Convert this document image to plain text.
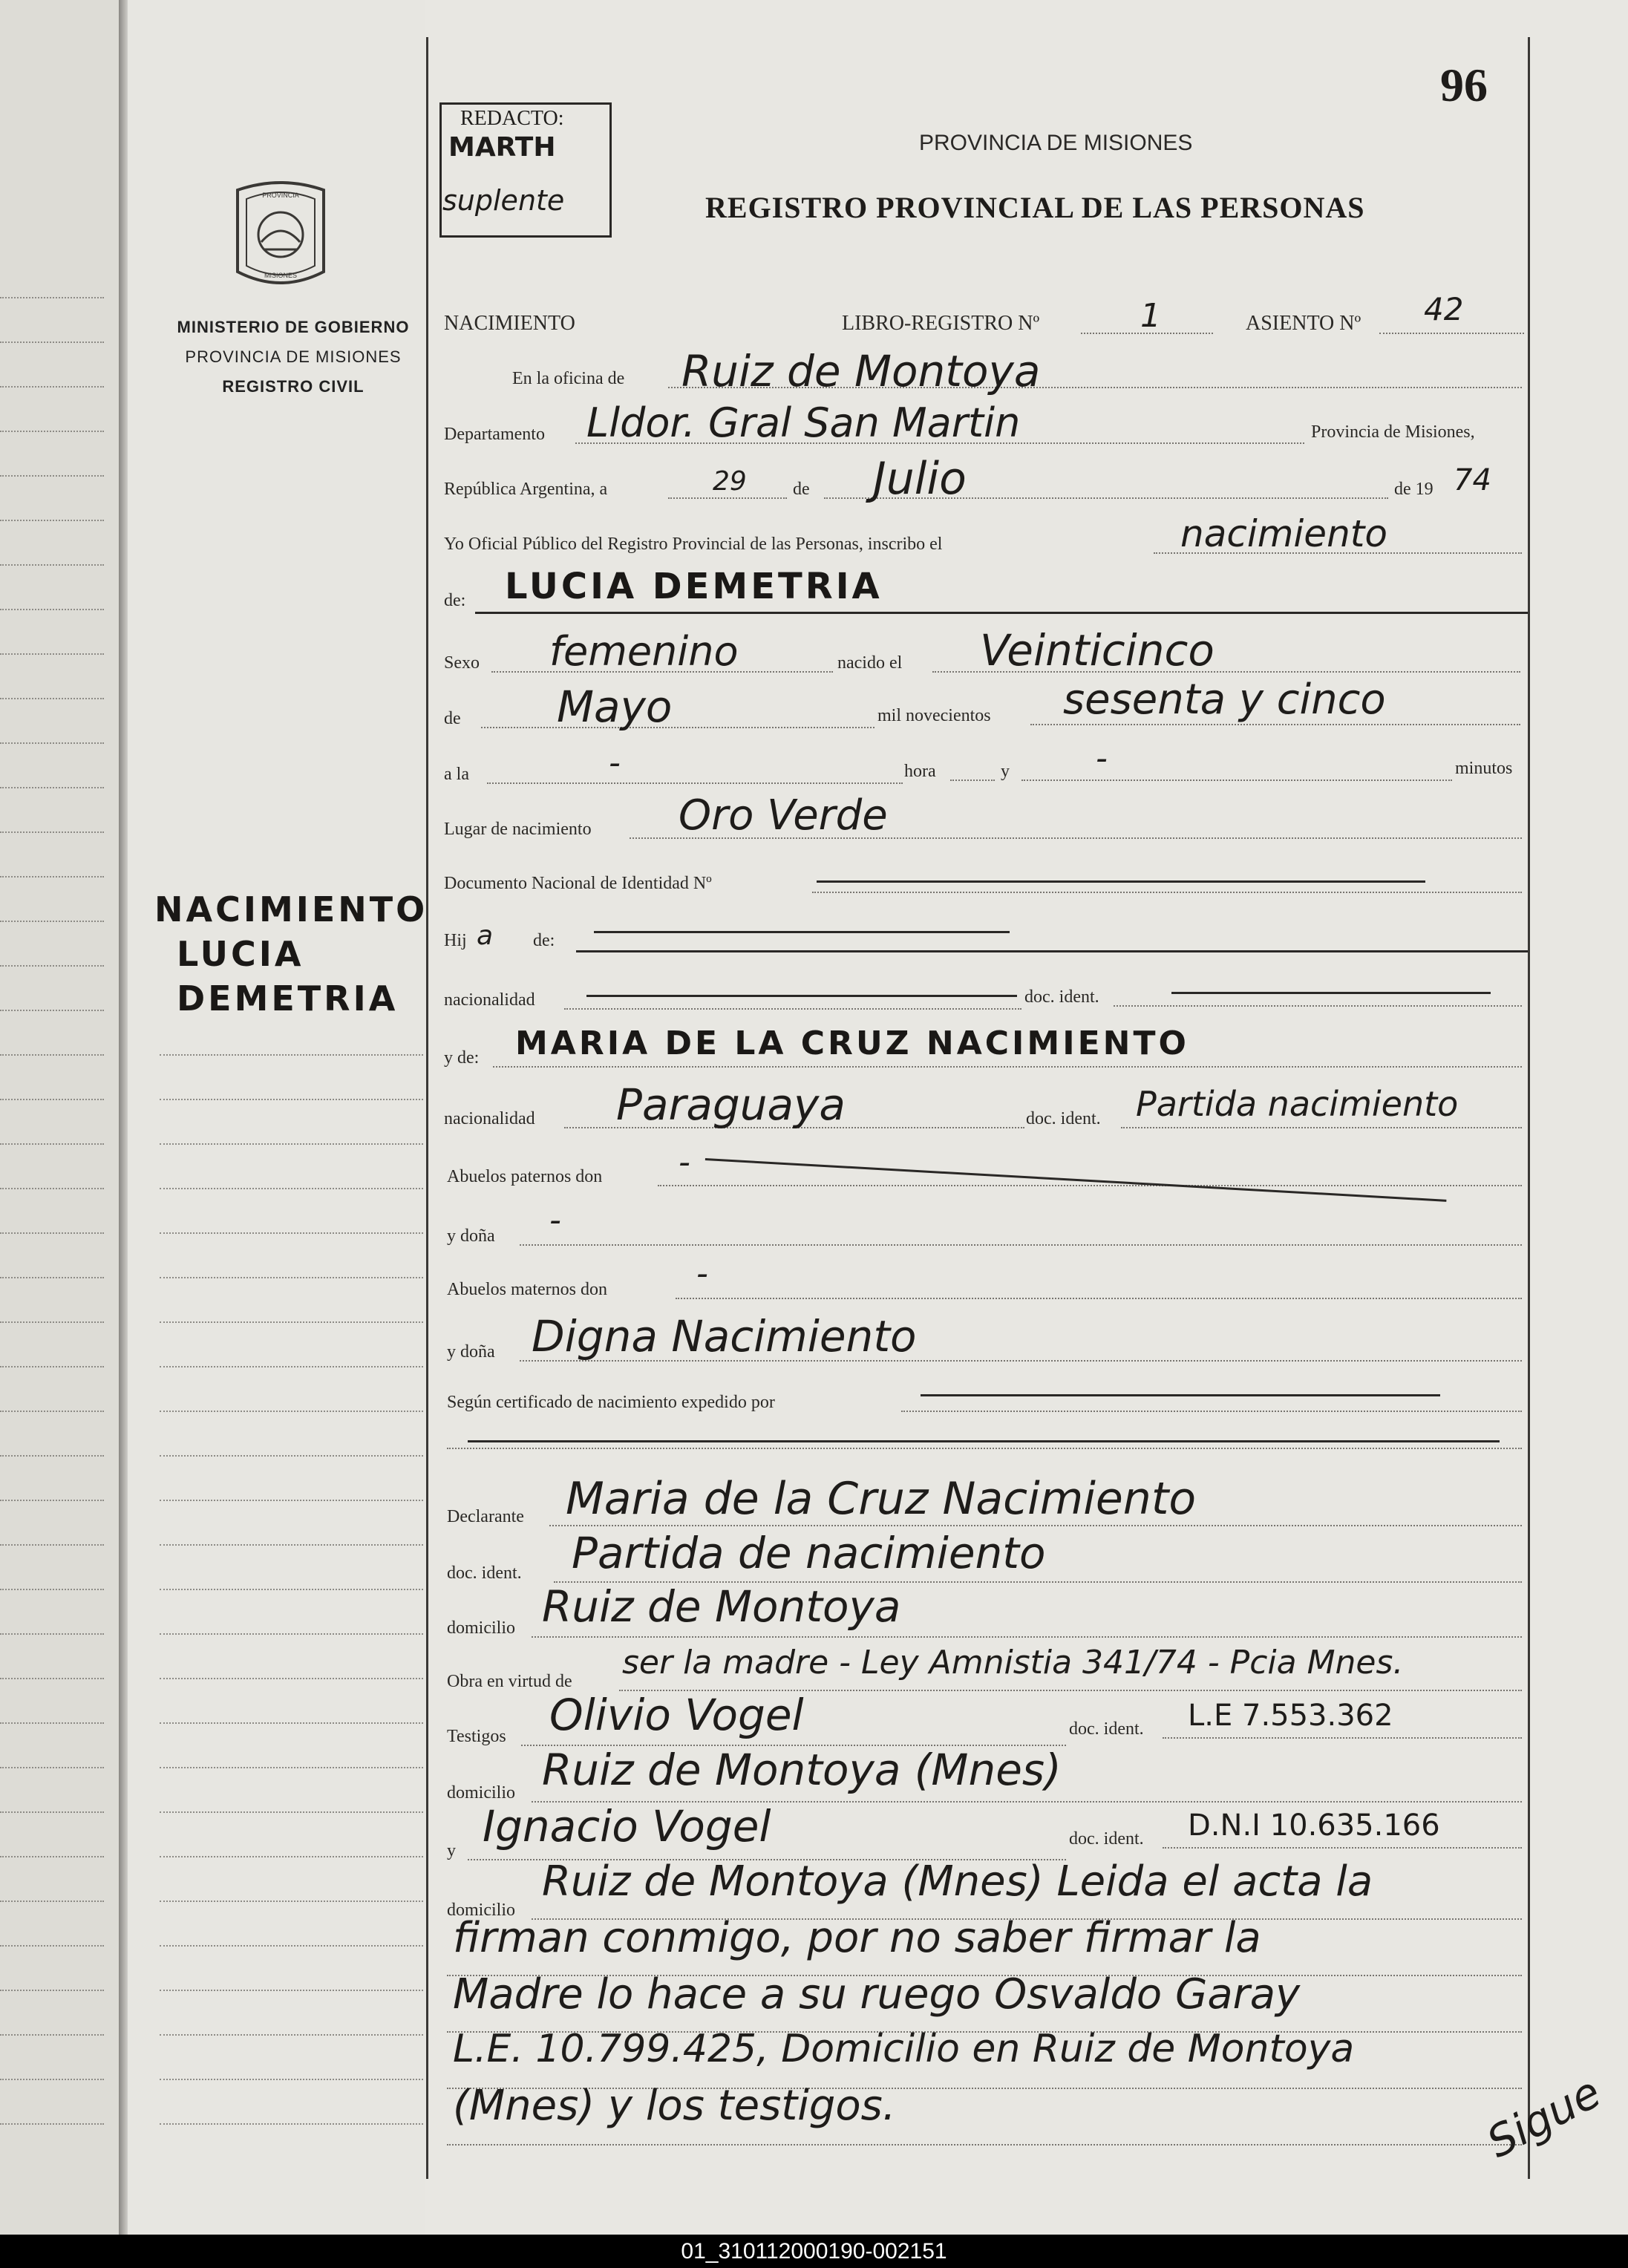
PROVINCIA
MISIONES
MINISTERIO DE GOBIERNO
PROVINCIA DE MISIONES
REGISTRO CIVIL
NACIMIENTO
LUCIA
DEMETRIA
96
REDACTO:
MARTH
suplente
PROVINCIA DE MISIONES
REGISTRO PROVINCIAL DE LAS PERSONAS
NACIMIENTO	LIBRO-REGISTRO Nº	1	ASIENTO Nº 42
En la oficina de Ruiz de Montoya
Departamento Lldor. Gral San Martin	Provincia de Misiones,
República Argentina, a	29	de Julio	de 19 74
Yo Oficial Público del Registro Provincial de las Personas, inscribo el	nacimiento
de: LUCIA DEMETRIA
Sexo femenino	nacido el Veinticinco
de Mayo	mil novecientos sesenta y cinco
a la	-	hora	y	-	minutos
Lugar de nacimiento Oro Verde
Documento Nacional de Identidad Nº
Hij a de:
nacionalidad	doc. ident.
y de: MARIA DE LA CRUZ NACIMIENTO
nacionalidad Paraguaya	doc. ident. Partida nacimiento
Abuelos paternos don -
y doña -
Abuelos maternos don	-
y doña Digna Nacimiento
Según certificado de nacimiento expedido por
Declarante Maria de la Cruz Nacimiento
doc. ident. Partida de nacimiento
domicilio Ruiz de Montoya
Obra en virtud de ser la madre - Ley Amnistia 341/74 - Pcia Mnes.
Testigos Olivio Vogel	doc. ident. L.E 7.553.362
domicilio Ruiz de Montoya (Mnes)
y Ignacio Vogel	doc. ident. D.N.I 10.635.166
domicilio
Ruiz de Montoya (Mnes) Leida el acta la
firman conmigo, por no saber firmar la
Madre lo hace a su ruego Osvaldo Garay
L.E. 10.799.425, Domicilio en Ruiz de Montoya
(Mnes) y los testigos.	Sigue
01_310112000190-002151
